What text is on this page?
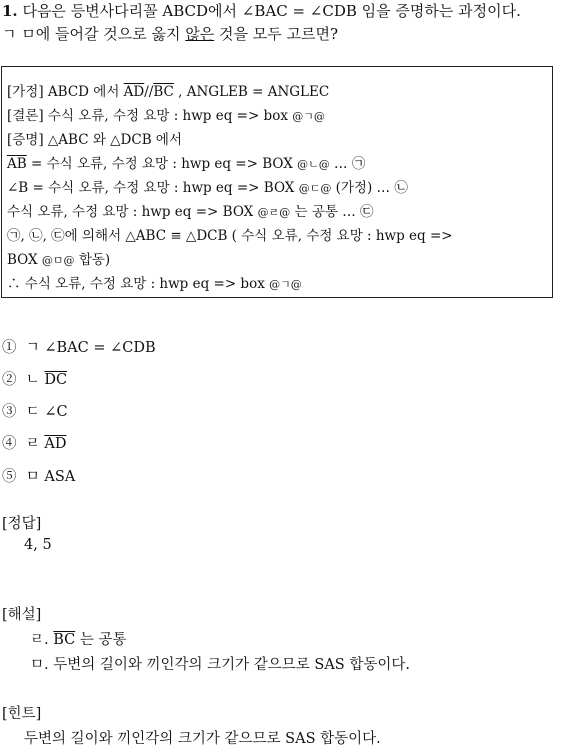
1. 다음은 등변사다리꼴 ABCD에서 ∠BAC = ∠CDB 임을 증명하는 과정이다.
ㄱ ㅁ에 들어갈 것으로 옳지 않은 것을 모두 고르면?
[가정] ABCD 에서 $\overline{AD}//\overline{BC}$ , ANGLEB = ANGLEC
[결론] 수식 오류, 수정 요망 : hwp eq => box @ㄱ@
[증명] △ABC 와 △DCB 에서
$\overline{AB}$ = 수식 오류, 수정 요망 : hwp eq => BOX @ㄴ@ … ㉠
∠B = 수식 오류, 수정 요망 : hwp eq => BOX @ㄷ@ (가정) … ㉡
수식 오류, 수정 요망 : hwp eq => BOX @ㄹ@ 는 공통 … ㉢
㉠, ㉡, ㉢에 의해서 △ABC ≡ △DCB ( 수식 오류, 수정 요망 : hwp eq =>
BOX @ㅁ@ 합동)
∴ 수식 오류, 수정 요망 : hwp eq => box @ㄱ@
① ㄱ ∠BAC = ∠CDB
② ㄴ $\overline{DC}$
③ ㄷ ∠C
④ ㄹ $\overline{AD}$
⑤ ㅁ ASA
[정답]
4, 5
[해설]
ㄹ. $\overline{BC}$ 는 공통
ㅁ. 두변의 길이와 끼인각의 크기가 같으므로 SAS 합동이다.
[힌트]
두변의 길이와 끼인각의 크기가 같으므로 SAS 합동이다.
